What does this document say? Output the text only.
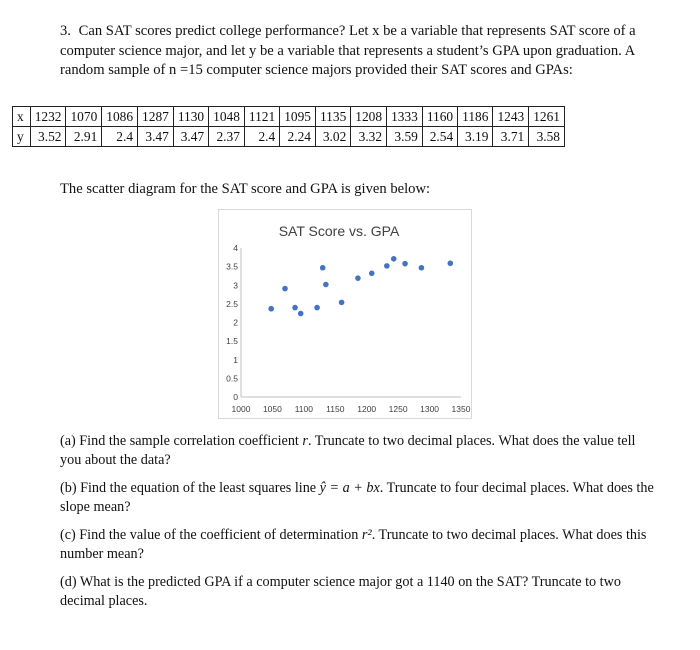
3. Can SAT scores predict college performance? Let x be a variable that represents SAT score of a computer science major, and let y be a variable that represents a student’s GPA upon graduation. A random sample of n =15 computer science majors provided their SAT scores and GPAs:
x	1232	1070	1086	1287	1130	1048	1121	1095	1135	1208	1333	1160	1186	1243	1261
y	3.52	2.91	2.4	3.47	3.47	2.37	2.4	2.24	3.02	3.32	3.59	2.54	3.19	3.71	3.58
The scatter diagram for the SAT score and GPA is given below:
SAT Score vs. GPA
0
0.5
1
1.5
2
2.5
3
3.5
4
1000 1050 1100 1150 1200 1250 1300 1350
(a) Find the sample correlation coefficient r. Truncate to two decimal places. What does the value tell you about the data?
(b) Find the equation of the least squares line ŷ = a + bx. Truncate to four decimal places. What does the slope mean?
(c) Find the value of the coefficient of determination r². Truncate to two decimal places. What does this number mean?
(d) What is the predicted GPA if a computer science major got a 1140 on the SAT? Truncate to two decimal places.
